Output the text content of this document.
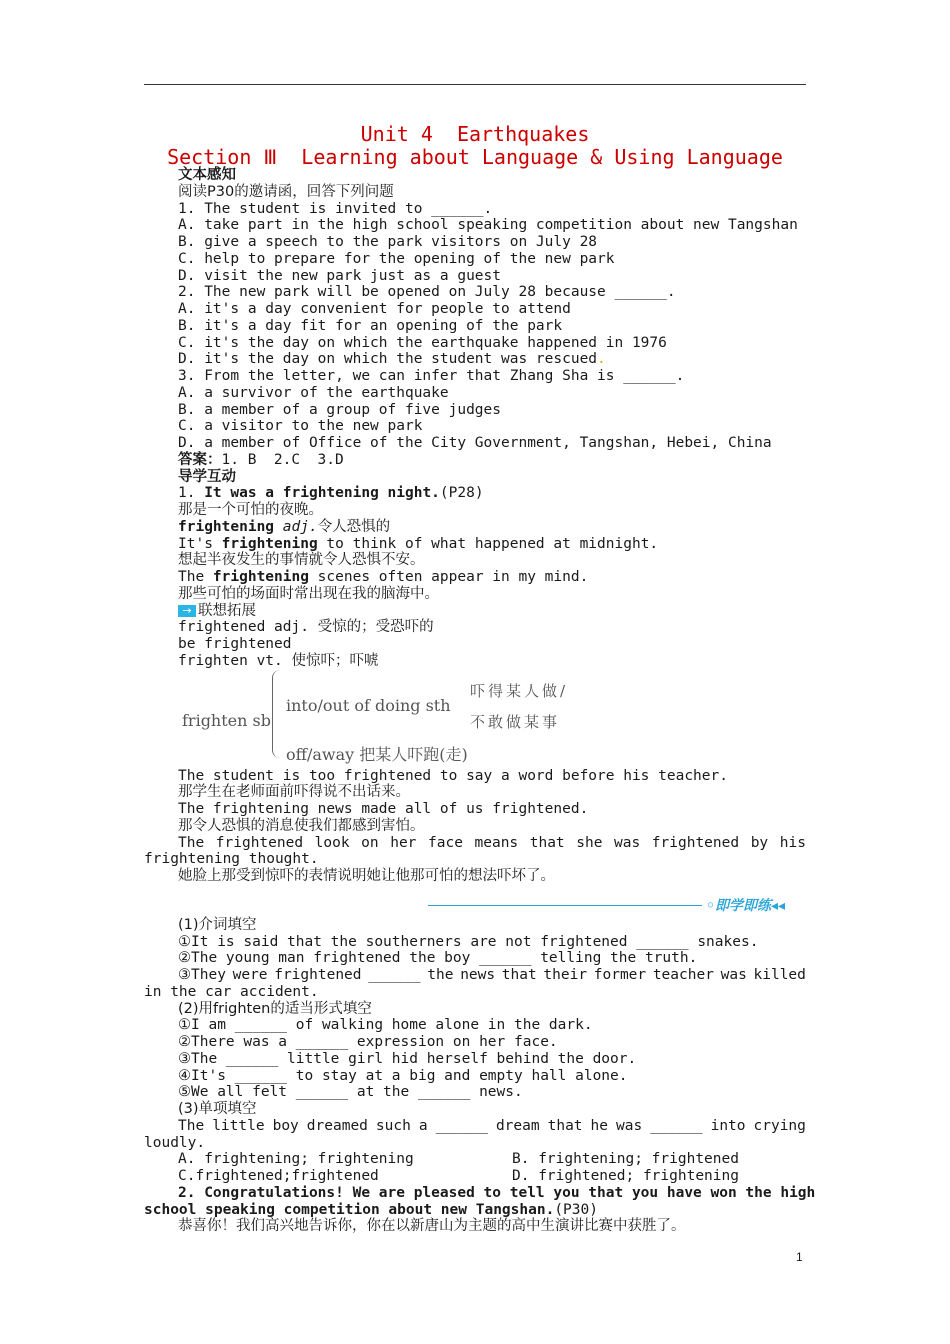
Unit 4  Earthquakes
Section Ⅲ  Learning about Language & Using Language
文本感知
阅读P30的邀请函，回答下列问题
1. The student is invited to ______.
A. take part in the high school speaking competition about new Tangshan
B. give a speech to the park visitors on July 28
C. help to prepare for the opening of the new park
D. visit the new park just as a guest
2. The new park will be opened on July 28 because ______.
A. it's a day convenient for people to attend
B. it's a day fit for an opening of the park
C. it's the day on which the earthquake happened in 1976
D. it's the day on which the student was rescued.
3. From the letter, we can infer that Zhang Sha is ______.
A. a survivor of the earthquake
B. a member of a group of five judges
C. a visitor to the new park
D. a member of Office of the City Government, Tangshan, Hebei, China
答案：1. B  2.C  3.D
导学互动
1. It was a frightening night.(P28)
那是一个可怕的夜晚。
frightening adj.令人恐惧的
It's frightening to think of what happened at midnight.
想起半夜发生的事情就令人恐惧不安。
The frightening scenes often appear in my mind.
那些可怕的场面时常出现在我的脑海中。
→ 联想拓展
frightened adj. 受惊的；受恐吓的
be frightened
frighten vt. 使惊吓；吓唬
frighten sb
into/out of doing sth
吓得某人做/
不敢做某事
off/away 把某人吓跑(走)
The student is too frightened to say a word before his teacher.
那学生在老师面前吓得说不出话来。
The frightening news made all of us frightened.
那令人恐惧的消息使我们都感到害怕。
The frightened look on her face means that she was frightened by his
frightening thought.
她脸上那受到惊吓的表情说明她让他那可怕的想法吓坏了。
◦即学即练◂◂
(1)介词填空
①It is said that the southerners are not frightened ______ snakes.
②The young man frightened the boy ______ telling the truth.
③They were frightened ______ the news that their former teacher was killed
in the car accident.
(2)用frighten的适当形式填空
①I am ______ of walking home alone in the dark.
②There was a ______ expression on her face.
③The ______ little girl hid herself behind the door.
④It's ______ to stay at a big and empty hall alone.
⑤We all felt ______ at the ______ news.
(3)单项填空
The little boy dreamed such a ______ dream that he was ______ into crying
loudly.
A. frightening; frightening	B. frightening; frightened
C.frightened;frightened	D. frightened; frightening
2. Congratulations! We are pleased to tell you that you have won the high
school speaking competition about new Tangshan.(P30)
恭喜你！我们高兴地告诉你，你在以新唐山为主题的高中生演讲比赛中获胜了。
1
